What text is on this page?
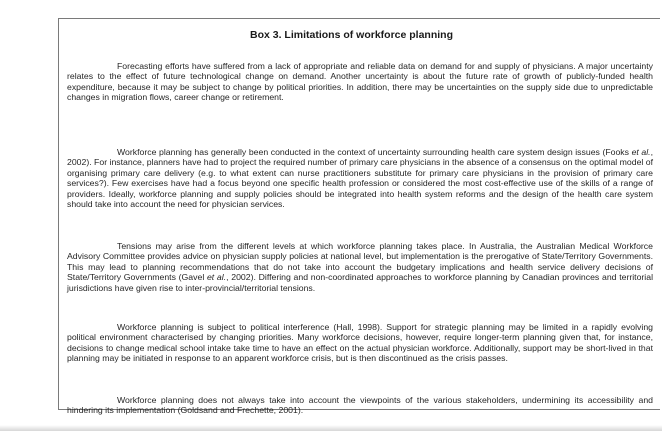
Box 3. Limitations of workforce planning

Forecasting efforts have suffered from a lack of appropriate and reliable data on demand for and supply of physicians. A major uncertainty relates to the effect of future technological change on demand. Another uncertainty is about the future rate of growth of publicly-funded health expenditure, because it may be subject to change by political priorities. In addition, there may be uncertainties on the supply side due to unpredictable changes in migration flows, career change or retirement.

Workforce planning has generally been conducted in the context of uncertainty surrounding health care system design issues (Fooks et al., 2002). For instance, planners have had to project the required number of primary care physicians in the absence of a consensus on the optimal model of organising primary care delivery (e.g. to what extent can nurse practitioners substitute for primary care physicians in the provision of primary care services?). Few exercises have had a focus beyond one specific health profession or considered the most cost-effective use of the skills of a range of providers. Ideally, workforce planning and supply policies should be integrated into health system reforms and the design of the health care system should take into account the need for physician services.

Tensions may arise from the different levels at which workforce planning takes place. In Australia, the Australian Medical Workforce Advisory Committee provides advice on physician supply policies at national level, but implementation is the prerogative of State/Territory Governments. This may lead to planning recommendations that do not take into account the budgetary implications and health service delivery decisions of State/Territory Governments (Gavel et al., 2002). Differing and non-coordinated approaches to workforce planning by Canadian provinces and territorial jurisdictions have given rise to inter-provincial/territorial tensions.

Workforce planning is subject to political interference (Hall, 1998). Support for strategic planning may be limited in a rapidly evolving political environment characterised by changing priorities. Many workforce decisions, however, require longer-term planning given that, for instance, decisions to change medical school intake take time to have an effect on the actual physician workforce. Additionally, support may be short-lived in that planning may be initiated in response to an apparent workforce crisis, but is then discontinued as the crisis passes.

Workforce planning does not always take into account the viewpoints of the various stakeholders, undermining its accessibility and hindering its implementation (Goldsand and Frechette, 2001).
